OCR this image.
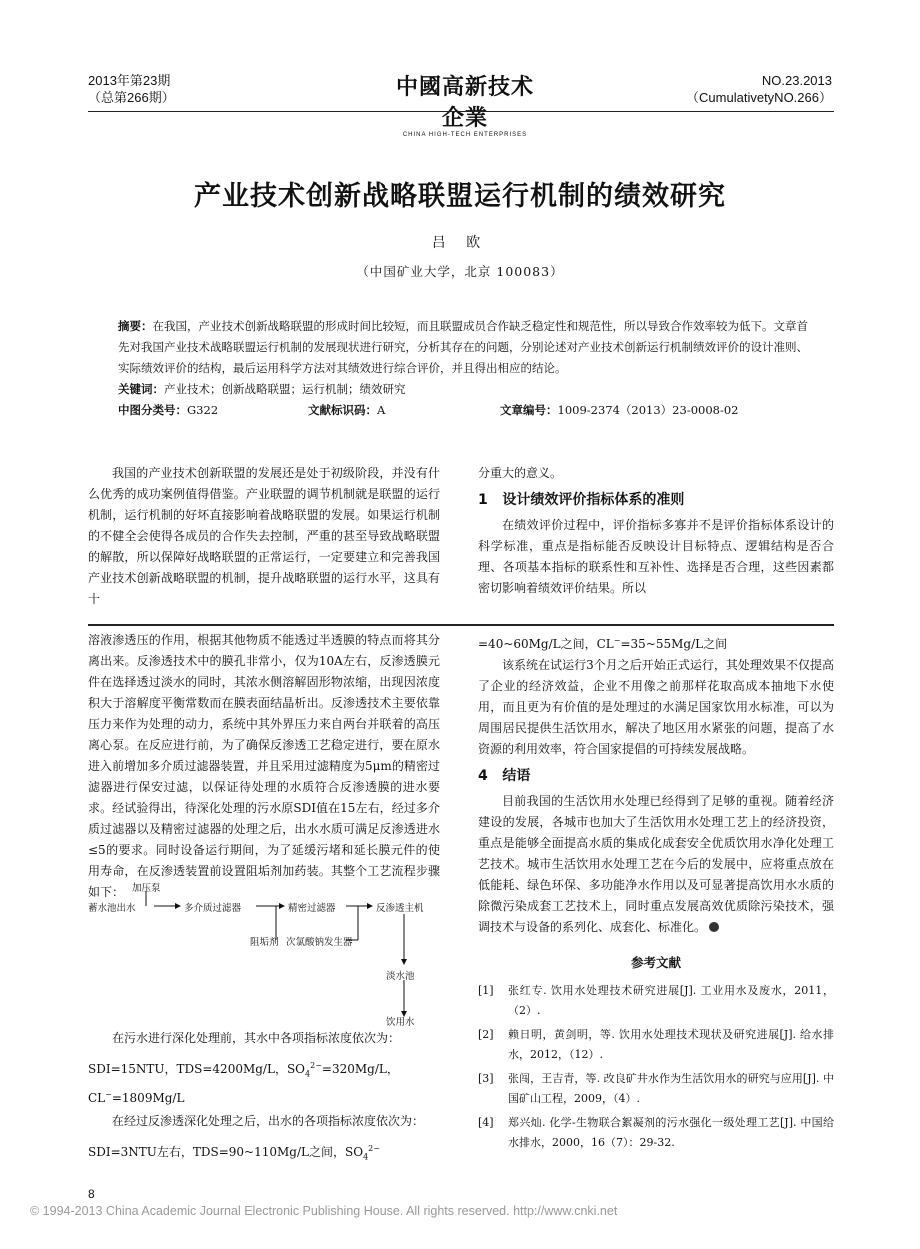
2013年第23期
（总第266期）	中國高新技术企業
CHINA HIGH-TECH ENTERPRISES
NO.23.2013
（CumulativetyNO.266）
产业技术创新战略联盟运行机制的绩效研究
吕 欧
（中国矿业大学，北京 100083）
摘要：在我国，产业技术创新战略联盟的形成时间比较短，而且联盟成员合作缺乏稳定性和规范性，所以导致合作效率较为低下。文章首先对我国产业技术战略联盟运行机制的发展现状进行研究，分析其存在的问题，分别论述对产业技术创新运行机制绩效评价的设计准则、实际绩效评价的结构，最后运用科学方法对其绩效进行综合评价，并且得出相应的结论。
关键词：产业技术；创新战略联盟；运行机制；绩效研究
中图分类号：G322	文献标识码：A	文章编号：1009-2374（2013）23-0008-02

我国的产业技术创新联盟的发展还是处于初级阶段，并没有什么优秀的成功案例值得借鉴。产业联盟的调节机制就是联盟的运行机制，运行机制的好坏直接影响着战略联盟的发展。如果运行机制的不健全会使得各成员的合作失去控制，严重的甚至导致战略联盟的解散，所以保障好战略联盟的正常运行，一定要建立和完善我国产业技术创新战略联盟的机制，提升战略联盟的运行水平，这具有十

分重大的意义。

1 设计绩效评价指标体系的准则

在绩效评价过程中，评价指标多寡并不是评价指标体系设计的科学标准，重点是指标能否反映设计目标特点、逻辑结构是否合理、各项基本指标的联系性和互补性、选择是否合理，这些因素都密切影响着绩效评价结果。所以

溶液渗透压的作用，根据其他物质不能透过半透膜的特点而将其分离出来。反渗透技术中的膜孔非常小，仅为10A左右，反渗透膜元件在选择透过淡水的同时，其浓水侧溶解固形物浓缩，出现因浓度积大于溶解度平衡常数而在膜表面结晶析出。反渗透技术主要依靠压力来作为处理的动力，系统中其外界压力来自两台并联着的高压离心泵。在反应进行前，为了确保反渗透工艺稳定进行，要在原水进入前增加多介质过滤器装置，并且采用过滤精度为5μm的精密过滤器进行保安过滤，以保证待处理的水质符合反渗透膜的进水要求。经试验得出，待深化处理的污水原SDI值在15左右，经过多介质过滤器以及精密过滤器的处理之后，出水水质可满足反渗透进水≤5的要求。同时设备运行期间，为了延缓污堵和延长膜元件的使用寿命，在反渗透装置前设置阻垢剂加药装。其整个工艺流程步骤如下： 加压泵
蓄水池出水	多介质过滤器	精密过滤器	反渗透主机
阻垢剂 次氯酸钠发生器
淡水池
饮用水

在污水进行深化处理前，其水中各项指标浓度依次为：

SDI=15NTU，TDS=4200Mg/L，$SO_4^{2-}=320Mg/L$，
CL−=1809Mg/L

在经过反渗透深化处理之后，出水的各项指标浓度依次为：

SDI=3NTU左右，TDS=90~110Mg/L之间，$SO_4^{2-}$

=40~60Mg/L之间，CL−=35~55Mg/L之间

该系统在试运行3个月之后开始正式运行，其处理效果不仅提高了企业的经济效益，企业不用像之前那样花取高成本抽地下水使用，而且更为有价值的是处理过的水满足国家饮用水标准，可以为周围居民提供生活饮用水，解决了地区用水紧张的问题，提高了水资源的利用效率，符合国家提倡的可持续发展战略。

4 结语

目前我国的生活饮用水处理已经得到了足够的重视。随着经济建设的发展，各城市也加大了生活饮用水处理工艺上的经济投资，重点是能够全面提高水质的集成化成套安全优质饮用水净化处理工艺技术。城市生活饮用水处理工艺在今后的发展中，应将重点放在低能耗、绿色环保、多功能净水作用以及可显著提高饮用水水质的除微污染成套工艺技术上，同时重点发展高效优质除污染技术，强调技术与设备的系列化、成套化、标准化。

参考文献
[1]	张红专. 饮用水处理技术研究进展[J]. 工业用水及废水，2011，（2）.
[2]	赖日明，黄剑明，等. 饮用水处理技术现状及研究进展[J]. 给水排水，2012，（12）.
[3]	张闯，王吉青，等. 改良矿井水作为生活饮用水的研究与应用[J]. 中国矿山工程，2009，（4）.
[4]	郑兴灿. 化学-生物联合絮凝剂的污水强化一级处理工艺[J]. 中国给水排水，2000，16（7）：29-32.
8
© 1994-2013 China Academic Journal Electronic Publishing House. All rights reserved. http://www.cnki.net
